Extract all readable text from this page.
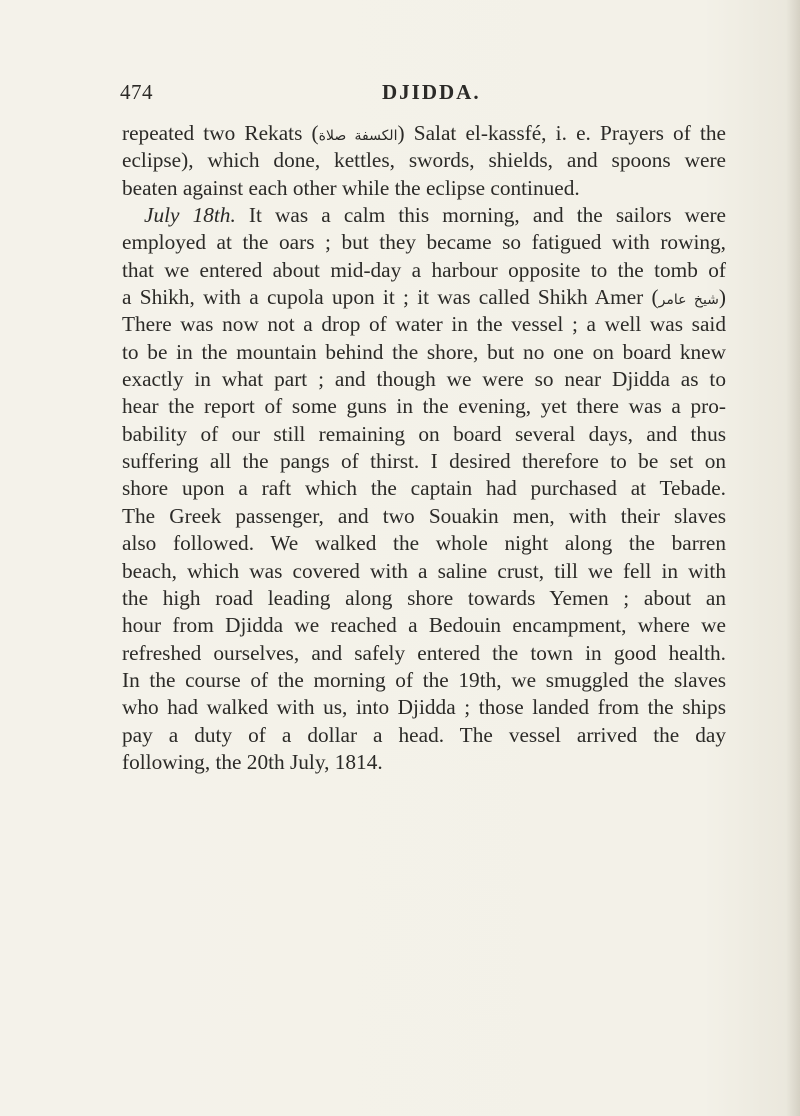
474	DJIDDA.
repeated two Rekats (الكسفة صلاة) Salat el-kassfé, i. e. Prayers of the
eclipse), which done, kettles, swords, shields, and spoons were
beaten against each other while the eclipse continued.
July 18th. It was a calm this morning, and the sailors were
employed at the oars ; but they became so fatigued with rowing,
that we entered about mid-day a harbour opposite to the tomb of
a Shikh, with a cupola upon it ; it was called Shikh Amer (شيخ عامر)
There was now not a drop of water in the vessel ; a well was said
to be in the mountain behind the shore, but no one on board knew
exactly in what part ; and though we were so near Djidda as to
hear the report of some guns in the evening, yet there was a pro-
bability of our still remaining on board several days, and thus
suffering all the pangs of thirst. I desired therefore to be set on
shore upon a raft which the captain had purchased at Tebade.
The Greek passenger, and two Souakin men, with their slaves
also followed. We walked the whole night along the barren
beach, which was covered with a saline crust, till we fell in with
the high road leading along shore towards Yemen ; about an
hour from Djidda we reached a Bedouin encampment, where we
refreshed ourselves, and safely entered the town in good health.
In the course of the morning of the 19th, we smuggled the slaves
who had walked with us, into Djidda ; those landed from the ships
pay a duty of a dollar a head. The vessel arrived the day
following, the 20th July, 1814.
